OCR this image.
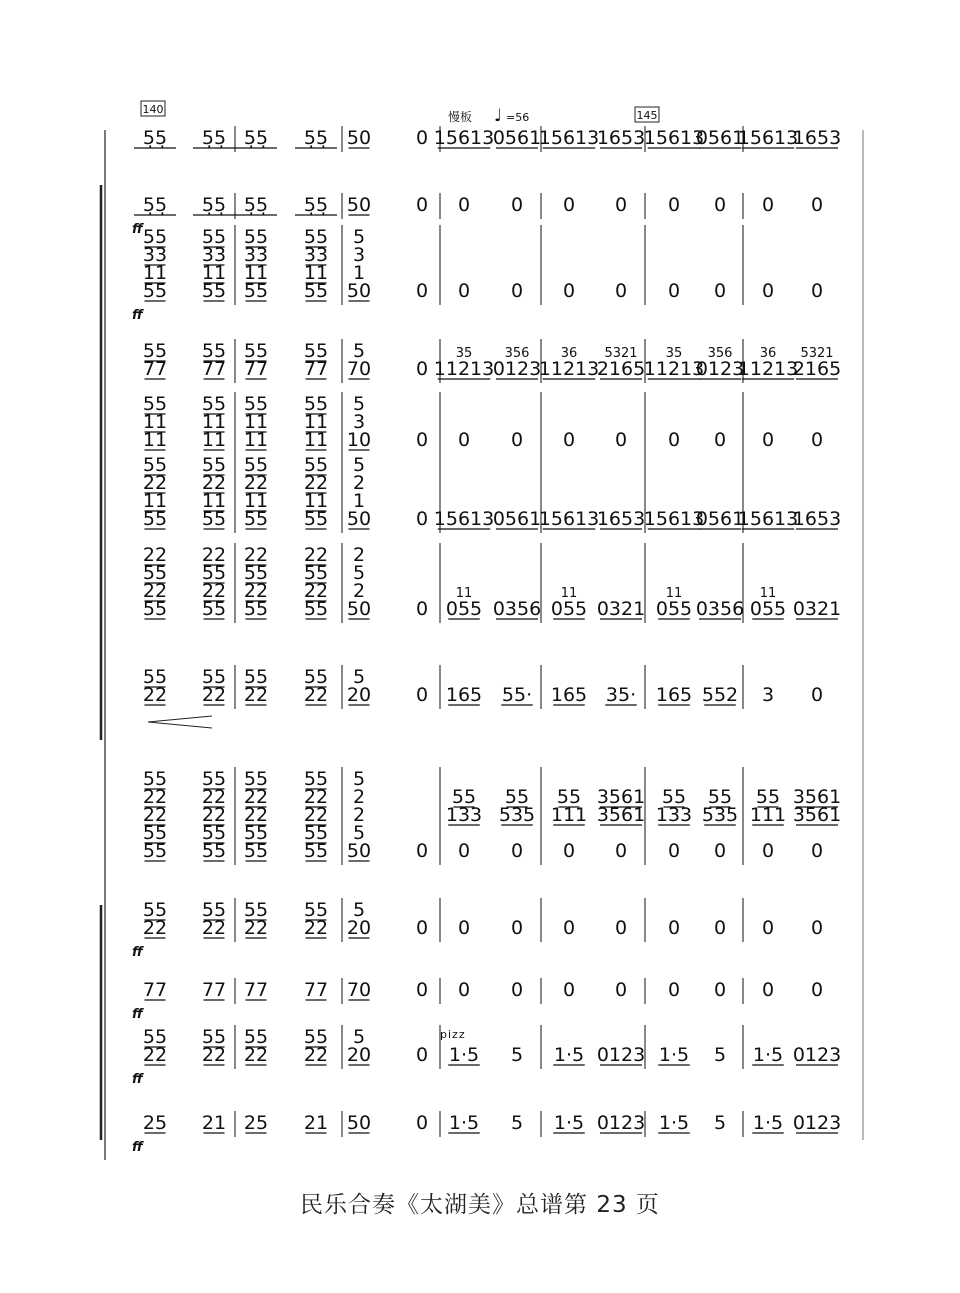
140	145
慢板 ♩ =56
pizz
5̣5̣ 5̣5̣ 5̣5̣ 5̣5̣ 50 0 15613
0561
15613
1653
15613
0561
15613
1653
5̣5̣ 5̣5̣ 5̣5̣ 5̣5̣ 50 0 0 0 0 0 0 0 0 0
ff 55
33
11
55
55
33
11
55
55
33
11
55
55
33
11
55
5
3
1
50 0 0 0 0 0 0 0 0 0
ff
55
77
55
77
55
77
55
77
5
70 0
35
11213
356
0123
36
11213
5321
2165
35
11213
356
0123
36
11213
5321
2165
55
11
11
55
11
11
55
11
11
55
11
11
5
3
10 0 0 0 0 0 0 0 0 0
55
22
11
55
55
22
11
55
55
22
11
55
55
22
11
55
5
2
1
50 0 15613
0561
15613
1653
15613
0561
15613
1653
22
55
22
55
22
55
22
55
22
55
22
55
22
55
22
55
2
5
2
50 0
11
055 0356
11
055 0321
11
055 0356
11
055 0321
55
22
55
22
55
22
55
22
5
20 0 165 55· 165 35· 165 552 3 0
55
22
22
55
55
55
22
22
55
55
55
22
22
55
55
55
22
22
55
55
5
2
2
5
50 0
55
133
0
55
535
0
55
111
0
3561
3561
0
55
133
0
55
535
0
55
111
0
3561
3561
0
55
22
55
22
55
22
55
22
5
20 0 0 0 0 0 0 0 0 0
ff
77 77 77 77 70 0 0 0 0 0 0 0 0 0
ff
55
22
55
22
55
22
55
22
5
20 0 1·5 5 1·5 0123 1·5 5 1·5 0123
ff
25 21 25 21 50 0 1·5 5 1·5 0123 1·5 5 1·5 0123
ff
民乐合奏《太湖美》总谱第 23 页
